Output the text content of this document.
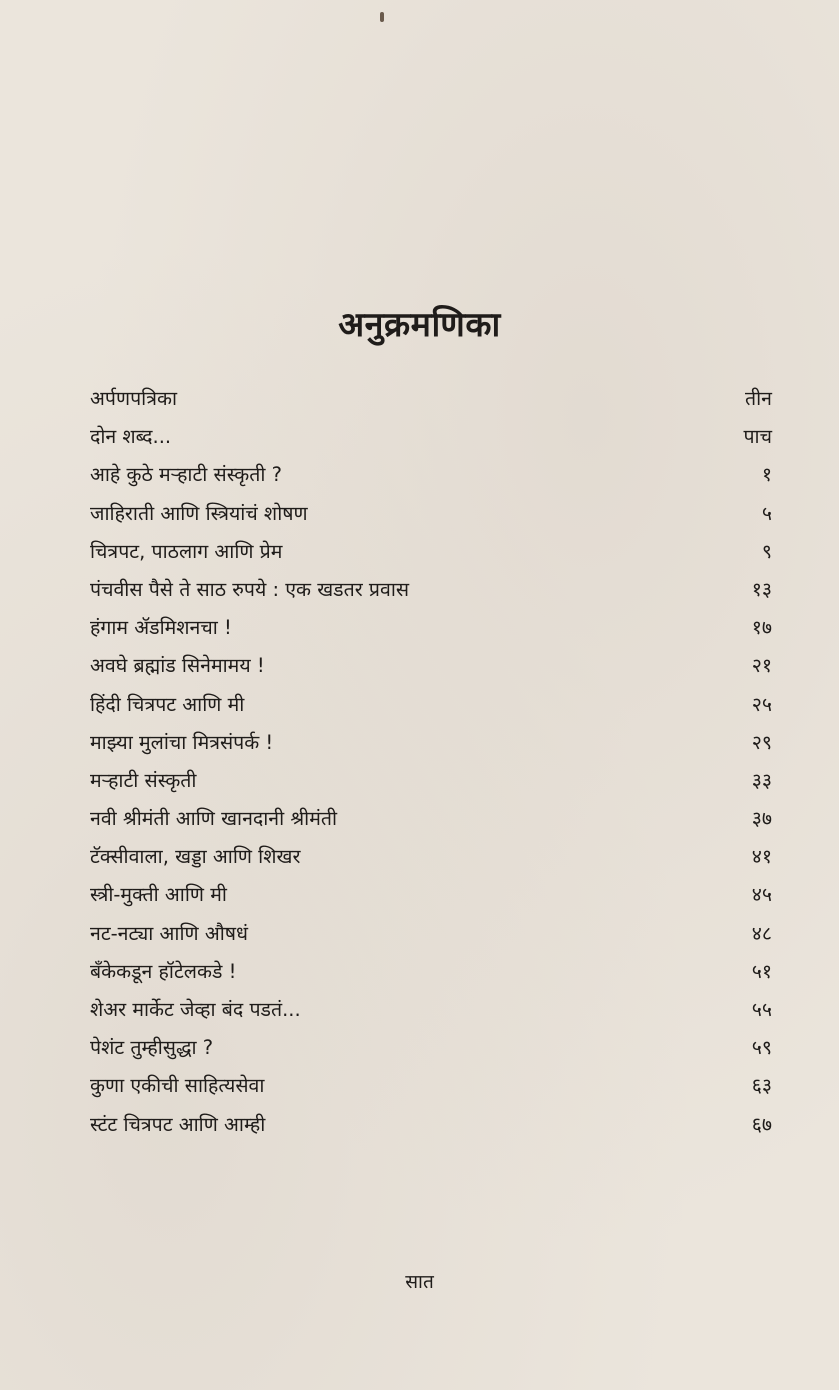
अनुक्रमणिका
अर्पणपत्रिका	तीन
दोन शब्द...	पाच
आहे कुठे मऱ्हाटी संस्कृती ?	१
जाहिराती आणि स्त्रियांचं शोषण	५
चित्रपट, पाठलाग आणि प्रेम	९
पंचवीस पैसे ते साठ रुपये : एक खडतर प्रवास	१३
हंगाम ॲडमिशनचा !	१७
अवघे ब्रह्मांड सिनेमामय !	२१
हिंदी चित्रपट आणि मी	२५
माझ्या मुलांचा मित्रसंपर्क !	२९
मऱ्हाटी संस्कृती	३३
नवी श्रीमंती आणि खानदानी श्रीमंती	३७
टॅक्सीवाला, खड्डा आणि शिखर	४१
स्त्री-मुक्ती आणि मी	४५
नट-नट्या आणि औषधं	४८
बँकेकडून हॉटेलकडे !	५१
शेअर मार्केट जेव्हा बंद पडतं...	५५
पेशंट तुम्हीसुद्धा ?	५९
कुणा एकीची साहित्यसेवा	६३
स्टंट चित्रपट आणि आम्ही	६७

सात
